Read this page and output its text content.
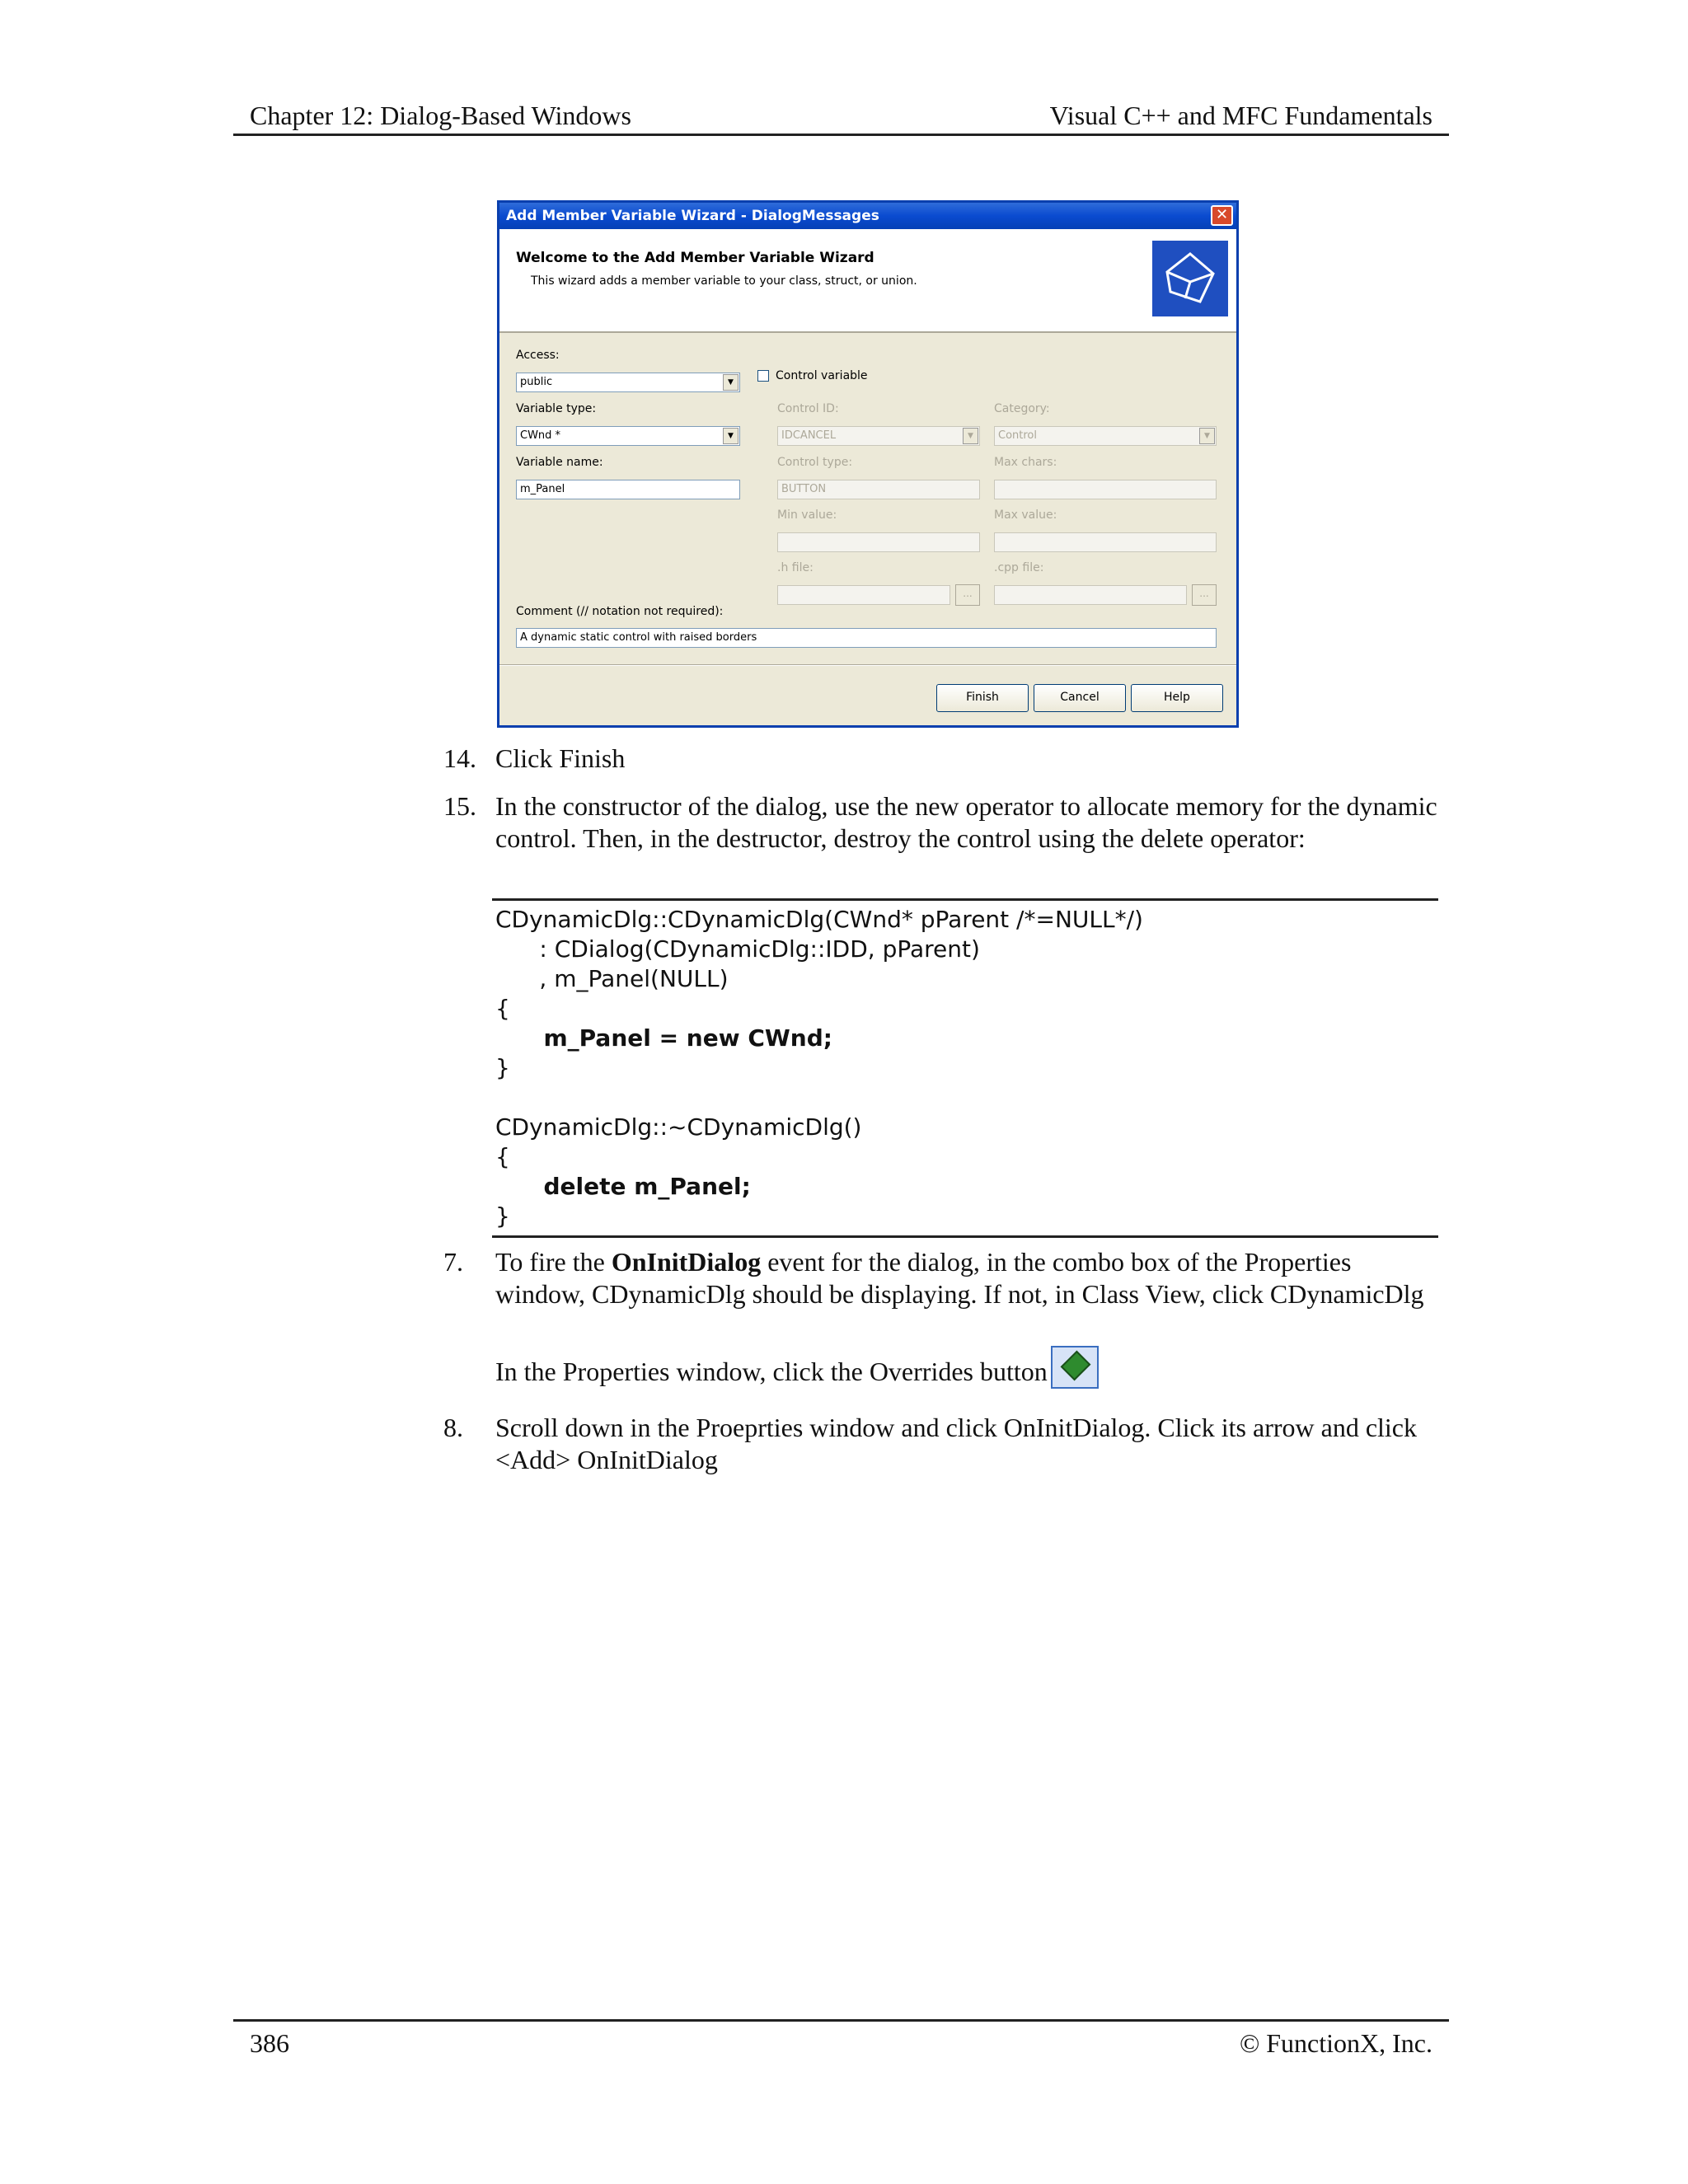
Chapter 12: Dialog-Based Windows	Visual C++ and MFC Fundamentals
Add Member Variable Wizard - DialogMessages	✕
Welcome to the Add Member Variable Wizard
This wizard adds a member variable to your class, struct, or union.
Access:
public	▼
Variable type:
CWnd *	▼
Variable name:
m_Panel
Control variable
Control ID:
IDCANCEL	▼
Control type:
BUTTON
Min value:
.h file:
...
Category:
Control	▼
Max chars:
Max value:
.cpp file:
...
Comment (// notation not required):
A dynamic static control with raised borders
Finish	Cancel	Help
14. Click Finish
15. In the constructor of the dialog, use the new operator to allocate memory for the dynamic control. Then, in the destructor, destroy the control using the delete operator:
CDynamicDlg::CDynamicDlg(CWnd* pParent /*=NULL*/)
: CDialog(CDynamicDlg::IDD, pParent)
, m_Panel(NULL)
{
m_Panel = new CWnd;
}
CDynamicDlg::~CDynamicDlg()
{
delete m_Panel;
}
7. To fire the OnInitDialog event for the dialog, in the combo box of the Properties window, CDynamicDlg should be displaying. If not, in Class View, click CDynamicDlg
In the Properties window, click the Overrides button
8. Scroll down in the Proeprties window and click OnInitDialog. Click its arrow and click <Add> OnInitDialog
386	© FunctionX, Inc.
